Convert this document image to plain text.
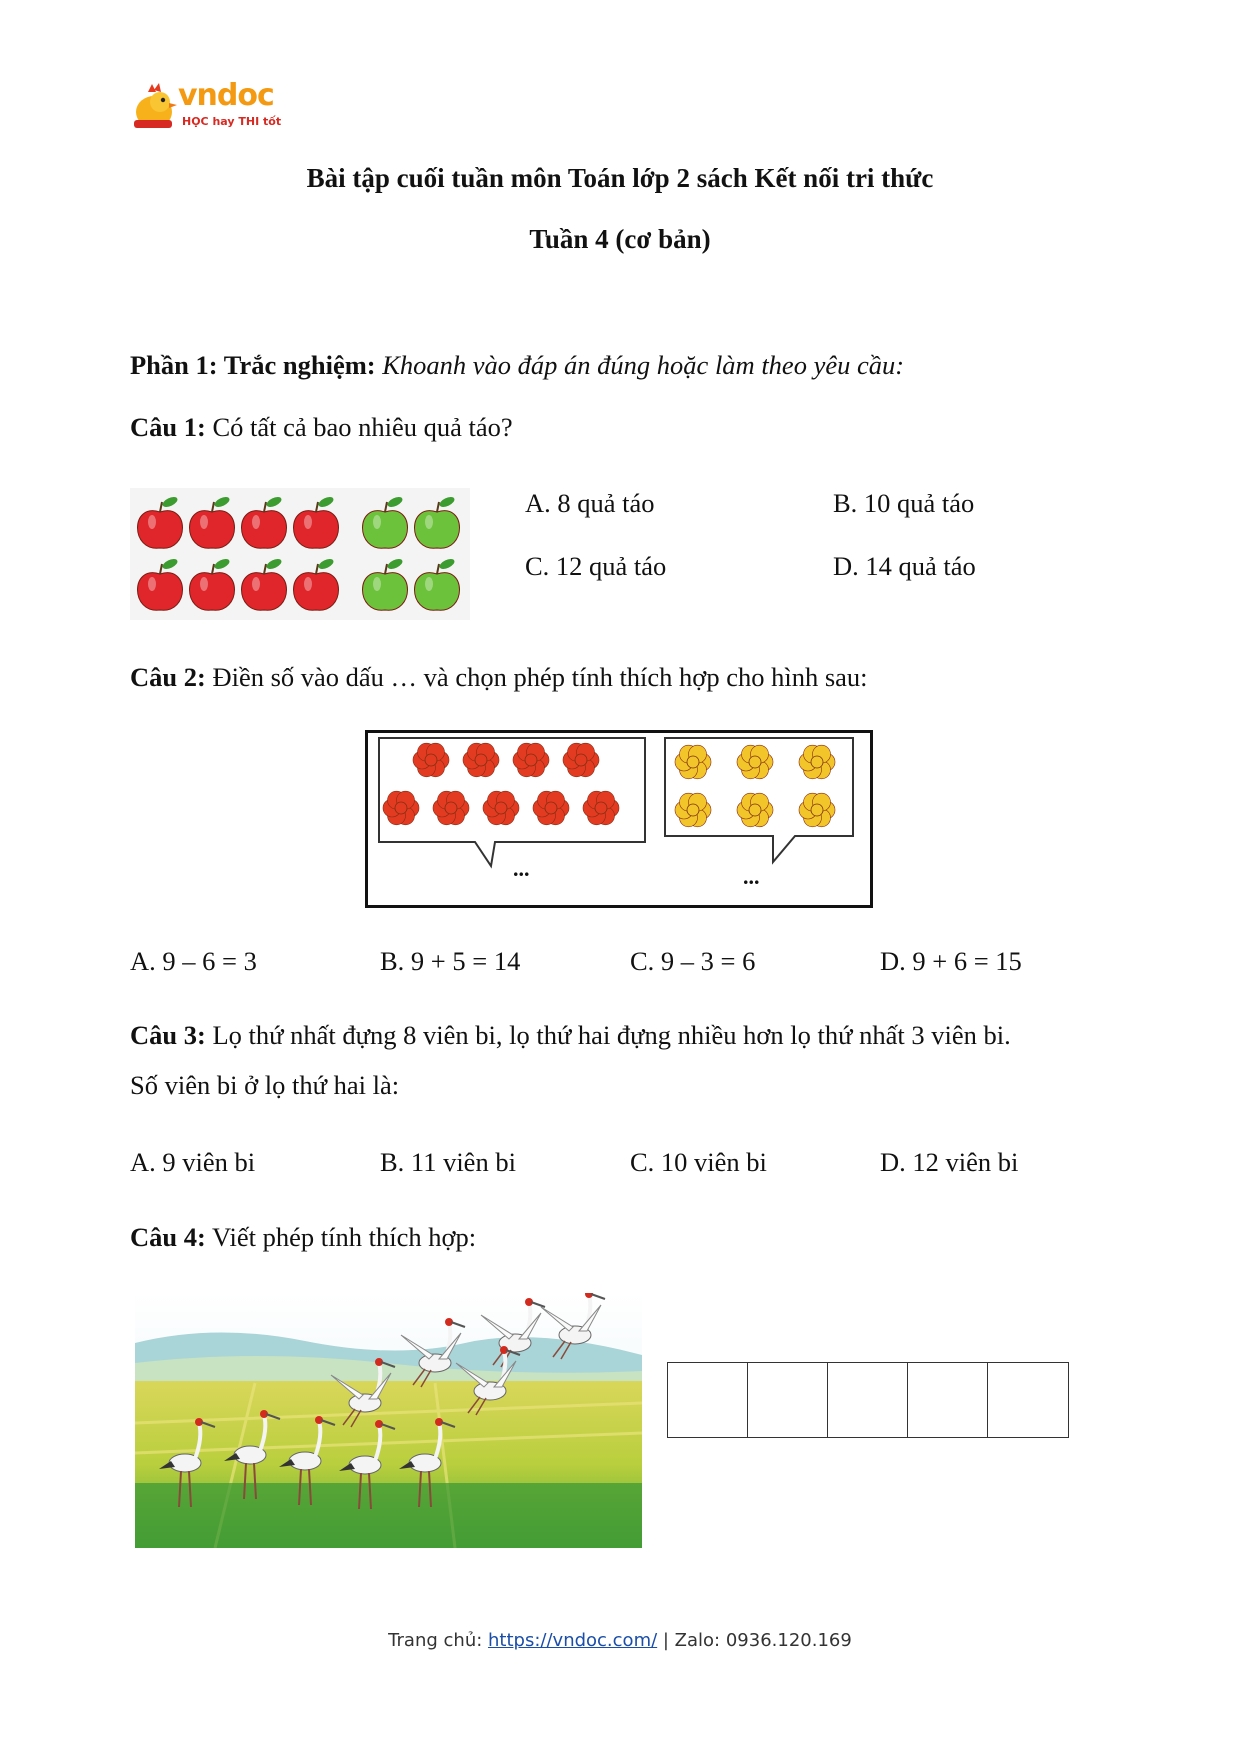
vndoc
HỌC hay THI tốt
Bài tập cuối tuần môn Toán lớp 2 sách Kết nối tri thức
Tuần 4 (cơ bản)
Phần 1: Trắc nghiệm: Khoanh vào đáp án đúng hoặc làm theo yêu cầu:
Câu 1: Có tất cả bao nhiêu quả táo?
A. 8 quả táo	B. 10 quả táo
C. 12 quả táo	D. 14 quả táo
Câu 2: Điền số vào dấu … và chọn phép tính thích hợp cho hình sau:
...	...
A. 9 – 6 = 3	B. 9 + 5 = 14	C. 9 – 3 = 6	D. 9 + 6 = 15
Câu 3: Lọ thứ nhất đựng 8 viên bi, lọ thứ hai đựng nhiều hơn lọ thứ nhất 3 viên bi.
Số viên bi ở lọ thứ hai là:
A. 9 viên bi	B. 11 viên bi	C. 10 viên bi	D. 12 viên bi
Câu 4: Viết phép tính thích hợp:
Trang chủ: https://vndoc.com/ | Zalo: 0936.120.169
